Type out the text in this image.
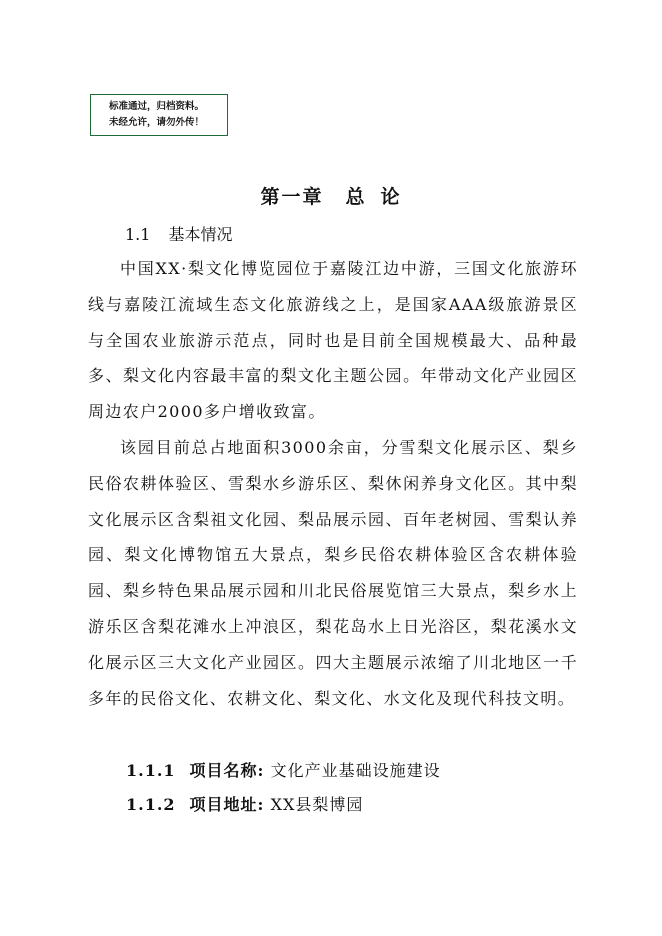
标准通过，归档资料。
未经允许，请勿外传！
第一章 总 论
1.1 基本情况

中国XX·梨文化博览园位于嘉陵江边中游，三国文化旅游环线与嘉陵江流域生态文化旅游线之上，是国家AAA级旅游景区与全国农业旅游示范点，同时也是目前全国规模最大、品种最多、梨文化内容最丰富的梨文化主题公园。年带动文化产业园区周边农户2000多户增收致富。

该园目前总占地面积3000余亩，分雪梨文化展示区、梨乡民俗农耕体验区、雪梨水乡游乐区、梨休闲养身文化区。其中梨文化展示区含梨祖文化园、梨品展示园、百年老树园、雪梨认养园、梨文化博物馆五大景点，梨乡民俗农耕体验区含农耕体验园、梨乡特色果品展示园和川北民俗展览馆三大景点，梨乡水上游乐区含梨花滩水上冲浪区，梨花岛水上日光浴区，梨花溪水文化展示区三大文化产业园区。四大主题展示浓缩了川北地区一千多年的民俗文化、农耕文化、梨文化、水文化及现代科技文明。

1.1.1 项目名称: 文化产业基础设施建设
1.1.2 项目地址: XX县梨博园
